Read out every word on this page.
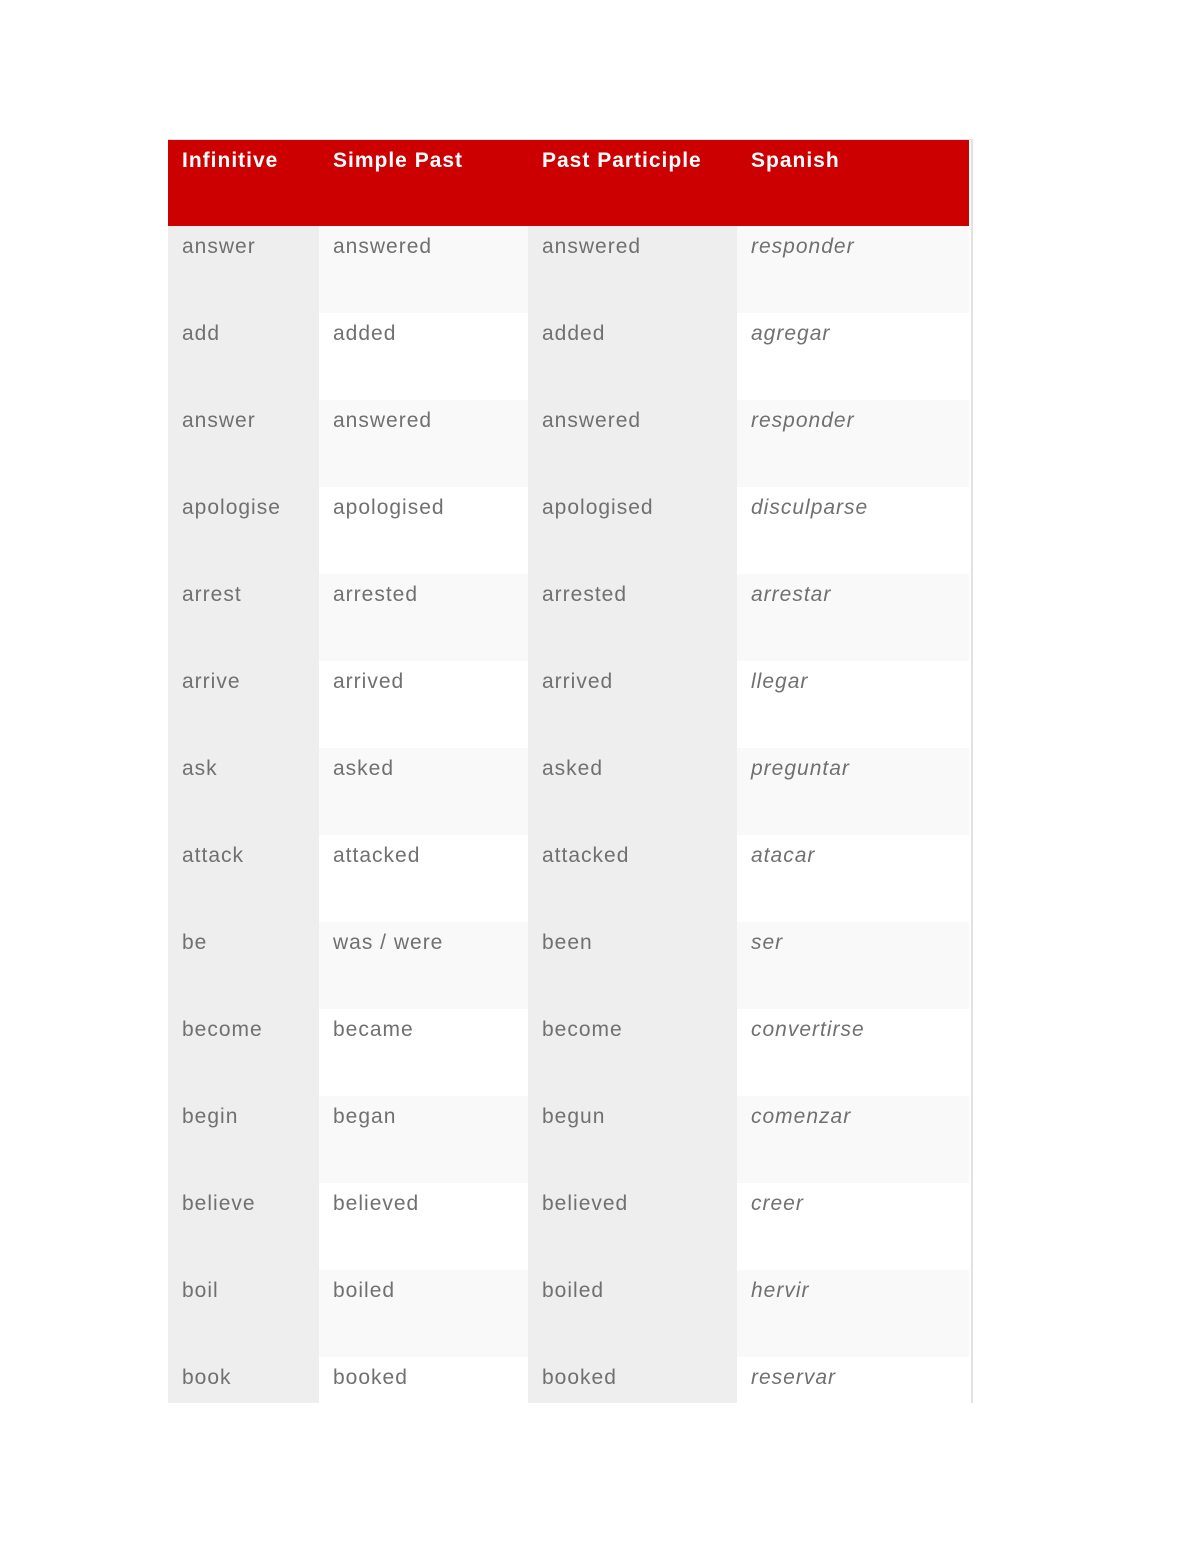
Infinitive	Simple Past	Past Participle	Spanish
answer	answered	answered	responder
add	added	added	agregar
answer	answered	answered	responder
apologise	apologised	apologised	disculparse
arrest	arrested	arrested	arrestar
arrive	arrived	arrived	llegar
ask	asked	asked	preguntar
attack	attacked	attacked	atacar
be	was / were	been	ser
become	became	become	convertirse
begin	began	begun	comenzar
believe	believed	believed	creer
boil	boiled	boiled	hervir
book	booked	booked	reservar
